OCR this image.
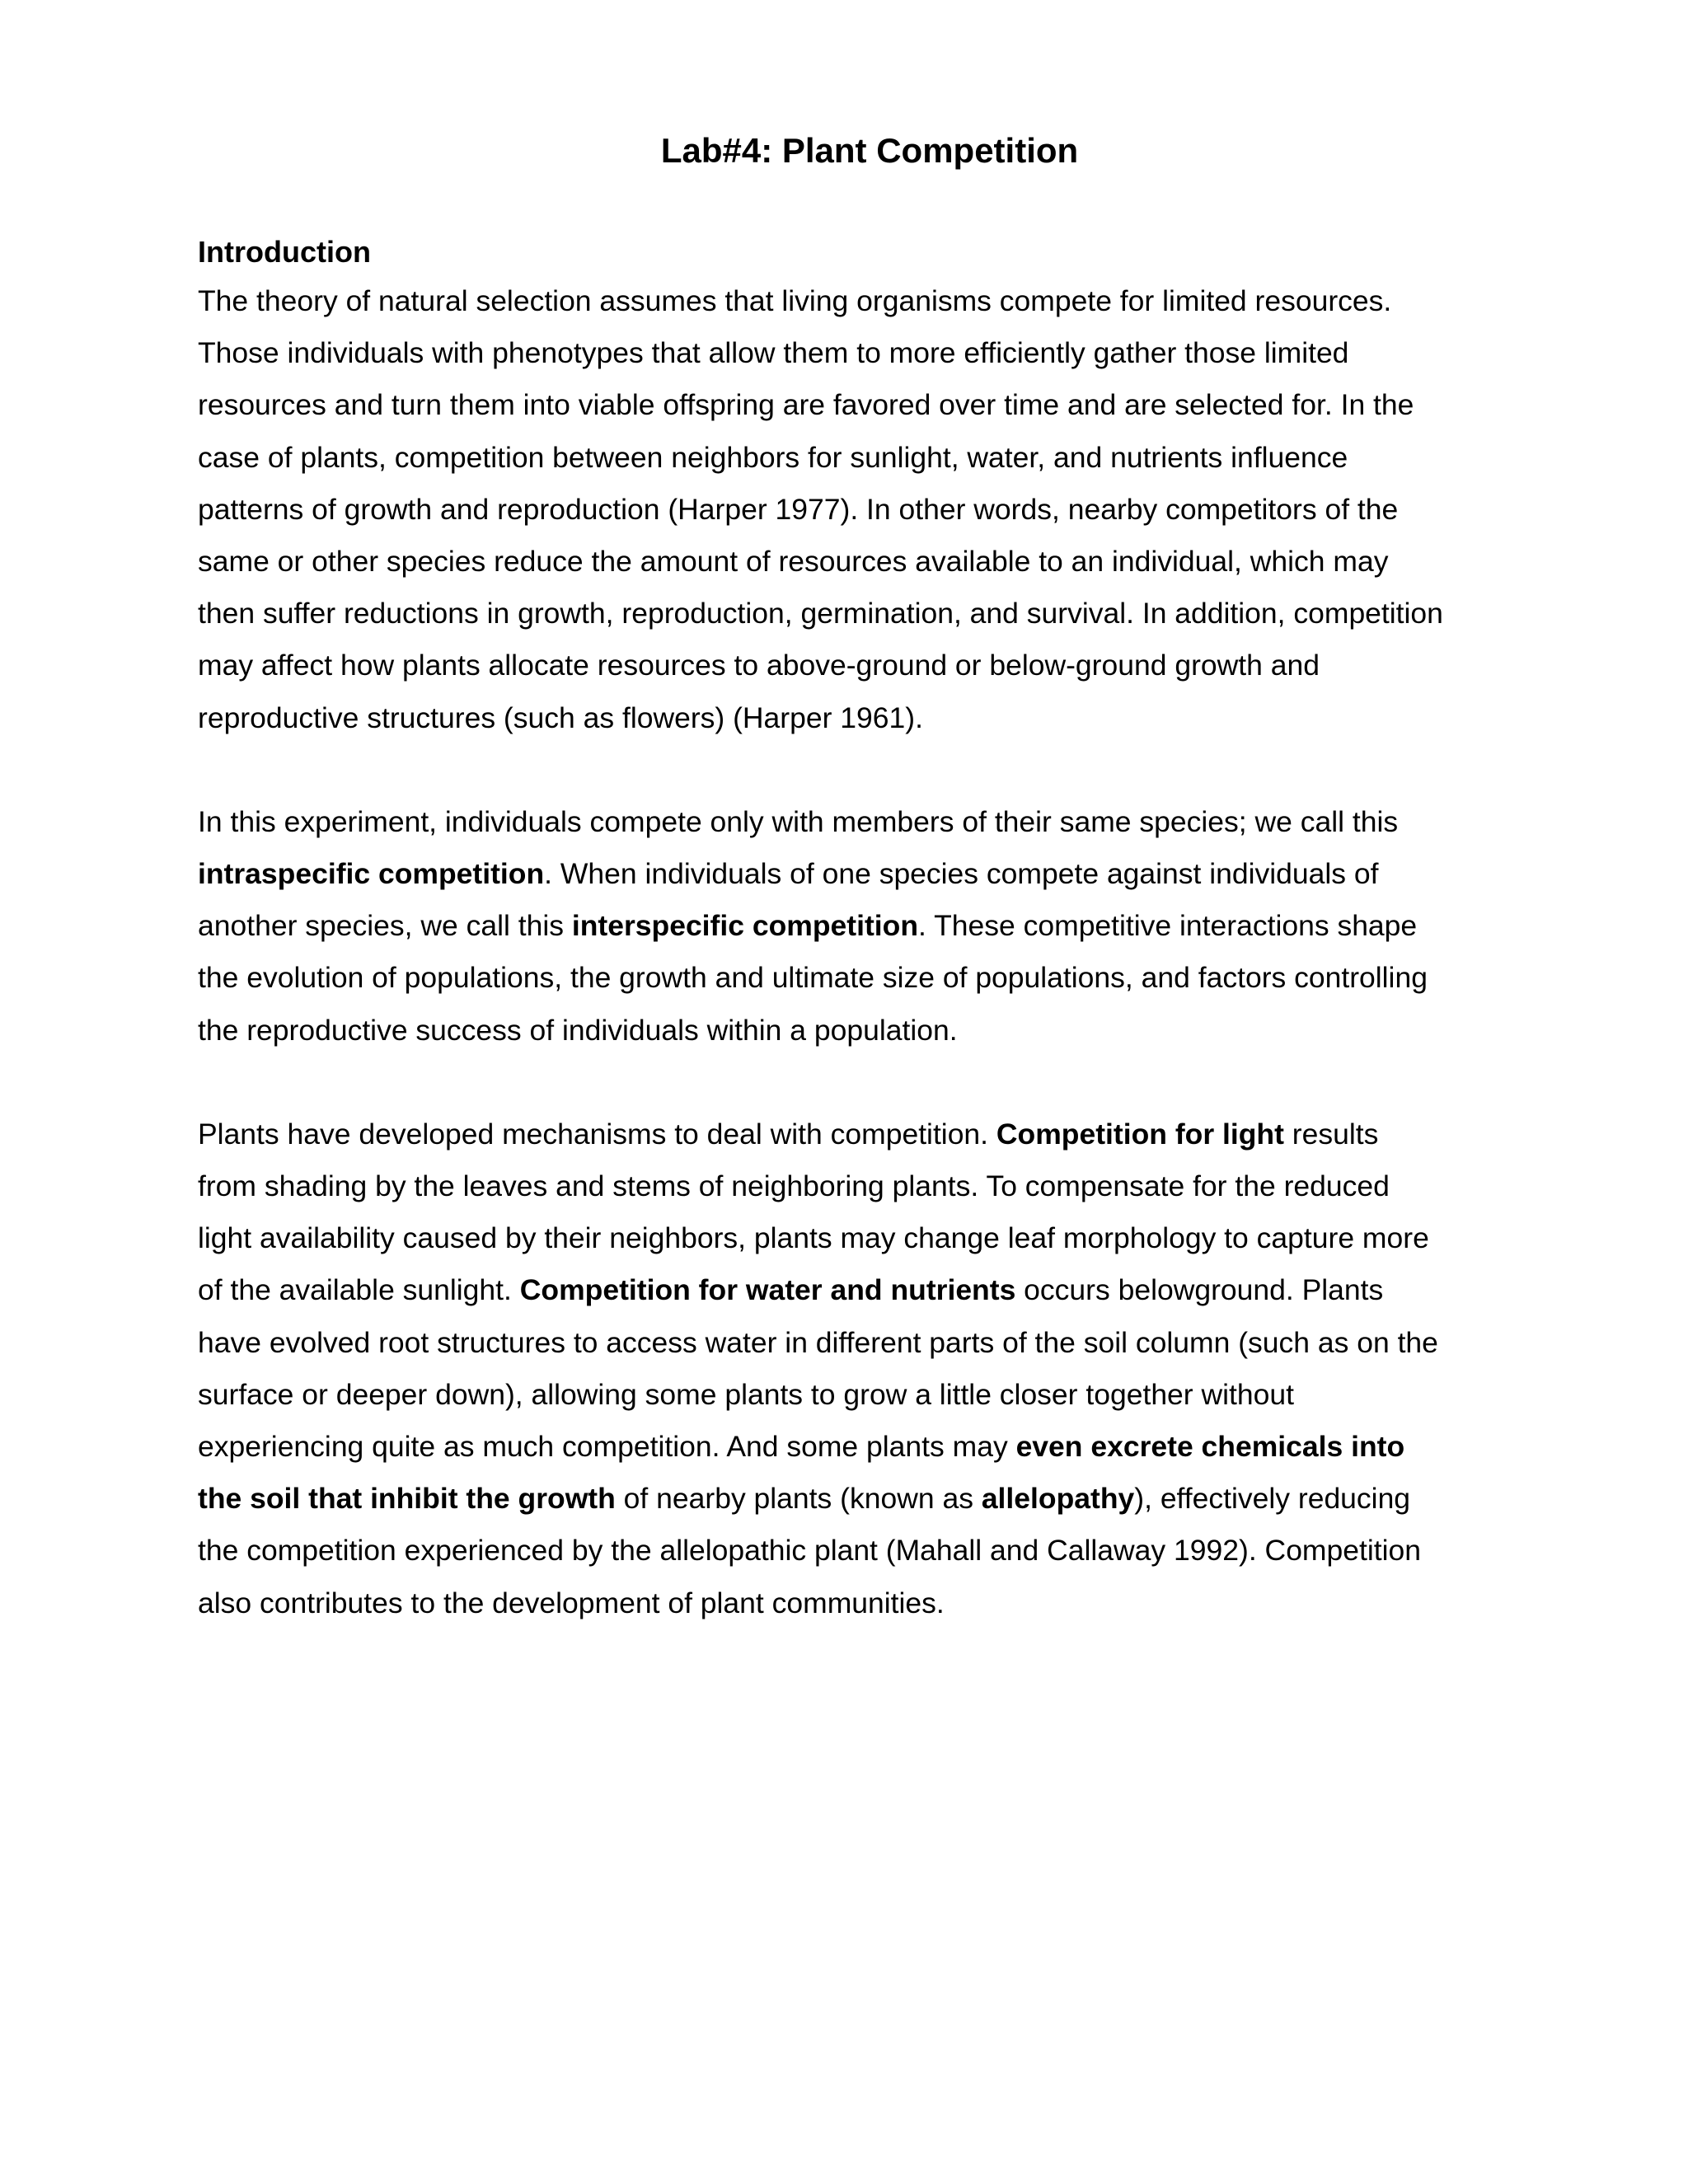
Lab#4: Plant Competition
Introduction

The theory of natural selection assumes that living organisms compete for limited resources.
Those individuals with phenotypes that allow them to more efficiently gather those limited
resources and turn them into viable offspring are favored over time and are selected for. In the
case of plants, competition between neighbors for sunlight, water, and nutrients influence
patterns of growth and reproduction (Harper 1977). In other words, nearby competitors of the
same or other species reduce the amount of resources available to an individual, which may
then suffer reductions in growth, reproduction, germination, and survival. In addition, competition
may affect how plants allocate resources to above-ground or below-ground growth and
reproductive structures (such as flowers) (Harper 1961).

In this experiment, individuals compete only with members of their same species; we call this
intraspecific competition. When individuals of one species compete against individuals of
another species, we call this interspecific competition. These competitive interactions shape
the evolution of populations, the growth and ultimate size of populations, and factors controlling
the reproductive success of individuals within a population.

Plants have developed mechanisms to deal with competition. Competition for light results
from shading by the leaves and stems of neighboring plants. To compensate for the reduced
light availability caused by their neighbors, plants may change leaf morphology to capture more
of the available sunlight. Competition for water and nutrients occurs belowground. Plants
have evolved root structures to access water in different parts of the soil column (such as on the
surface or deeper down), allowing some plants to grow a little closer together without
experiencing quite as much competition. And some plants may even excrete chemicals into
the soil that inhibit the growth of nearby plants (known as allelopathy), effectively reducing
the competition experienced by the allelopathic plant (Mahall and Callaway 1992). Competition
also contributes to the development of plant communities.
